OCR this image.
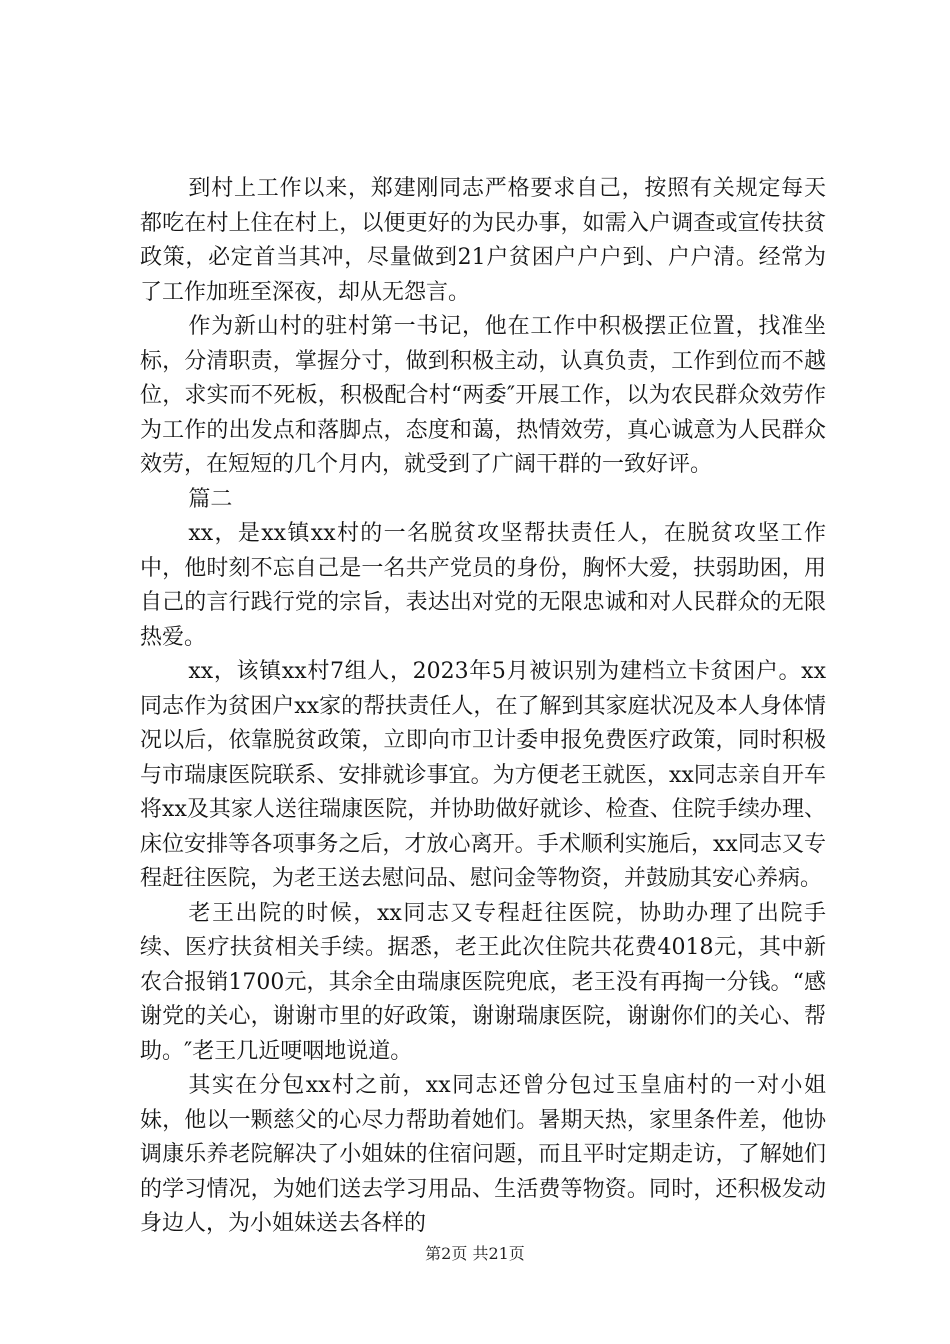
到村上工作以来，郑建刚同志严格要求自己，按照有关规定每天都吃在村上住在村上，以便更好的为民办事，如需入户调查或宣传扶贫政策，必定首当其冲，尽量做到21户贫困户户户到、户户清。经常为了工作加班至深夜，却从无怨言。

作为新山村的驻村第一书记，他在工作中积极摆正位置，找准坐标，分清职责，掌握分寸，做到积极主动，认真负责，工作到位而不越位，求实而不死板，积极配合村“两委″开展工作，以为农民群众效劳作为工作的出发点和落脚点，态度和蔼，热情效劳，真心诚意为人民群众效劳，在短短的几个月内，就受到了广阔干群的一致好评。

篇二

xx，是xx镇xx村的一名脱贫攻坚帮扶责任人，在脱贫攻坚工作中，他时刻不忘自己是一名共产党员的身份，胸怀大爱，扶弱助困，用自己的言行践行党的宗旨，表达出对党的无限忠诚和对人民群众的无限热爱。

xx，该镇xx村7组人，2023年5月被识别为建档立卡贫困户。xx同志作为贫困户xx家的帮扶责任人，在了解到其家庭状况及本人身体情况以后，依靠脱贫政策，立即向市卫计委申报免费医疗政策，同时积极与市瑞康医院联系、安排就诊事宜。为方便老王就医，xx同志亲自开车将xx及其家人送往瑞康医院，并协助做好就诊、检查、住院手续办理、床位安排等各项事务之后，才放心离开。手术顺利实施后，xx同志又专程赶往医院，为老王送去慰问品、慰问金等物资，并鼓励其安心养病。

老王出院的时候，xx同志又专程赶往医院，协助办理了出院手续、医疗扶贫相关手续。据悉，老王此次住院共花费4018元，其中新农合报销1700元，其余全由瑞康医院兜底，老王没有再掏一分钱。“感谢党的关心，谢谢市里的好政策，谢谢瑞康医院，谢谢你们的关心、帮助。″老王几近哽咽地说道。

其实在分包xx村之前，xx同志还曾分包过玉皇庙村的一对小姐妹，他以一颗慈父的心尽力帮助着她们。暑期天热，家里条件差，他协调康乐养老院解决了小姐妹的住宿问题，而且平时定期走访，了解她们的学习情况，为她们送去学习用品、生活费等物资。同时，还积极发动身边人，为小姐妹送去各样的

第2页 共21页
